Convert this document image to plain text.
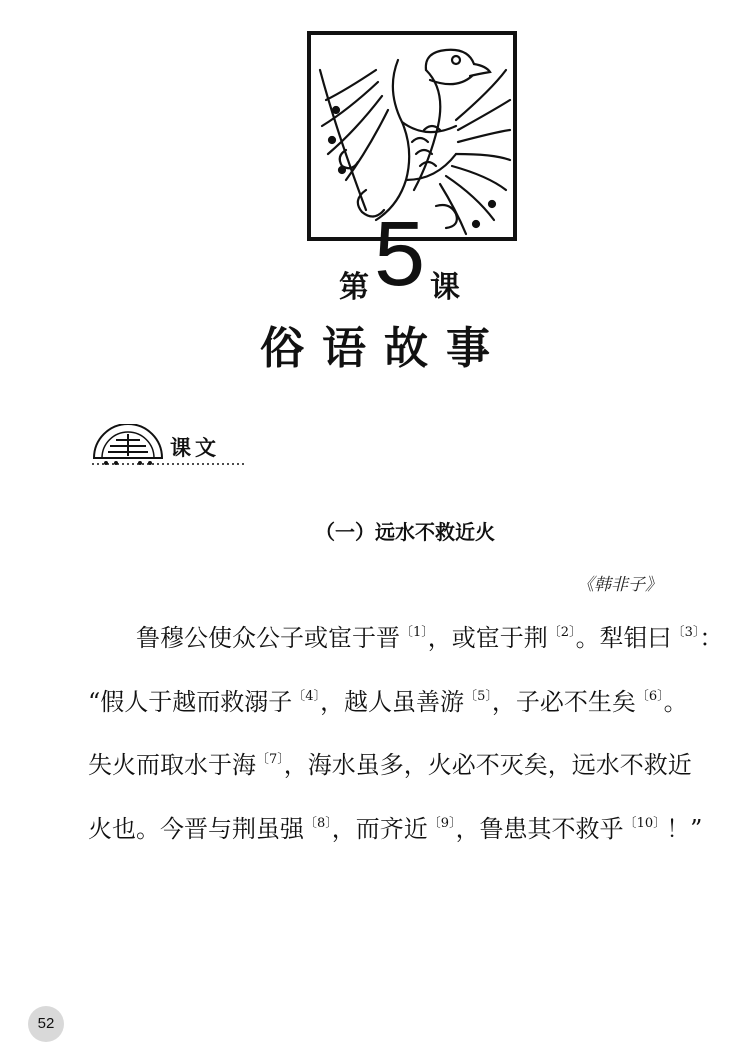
第 5 课
俗语故事
课文
（一）远水不救近火
《韩非子》
鲁穆公使众公子或宦于晋$^{〔1〕}$，或宦于荆$^{〔2〕}$。犁钼曰$^{〔3〕}$：
“假人于越而救溺子$^{〔4〕}$，越人虽善游$^{〔5〕}$，子必不生矣$^{〔6〕}$。
失火而取水于海$^{〔7〕}$，海水虽多，火必不灭矣，远水不救近
火也。今晋与荆虽强$^{〔8〕}$，而齐近$^{〔9〕}$，鲁患其不救乎$^{〔10〕}$！”
52
